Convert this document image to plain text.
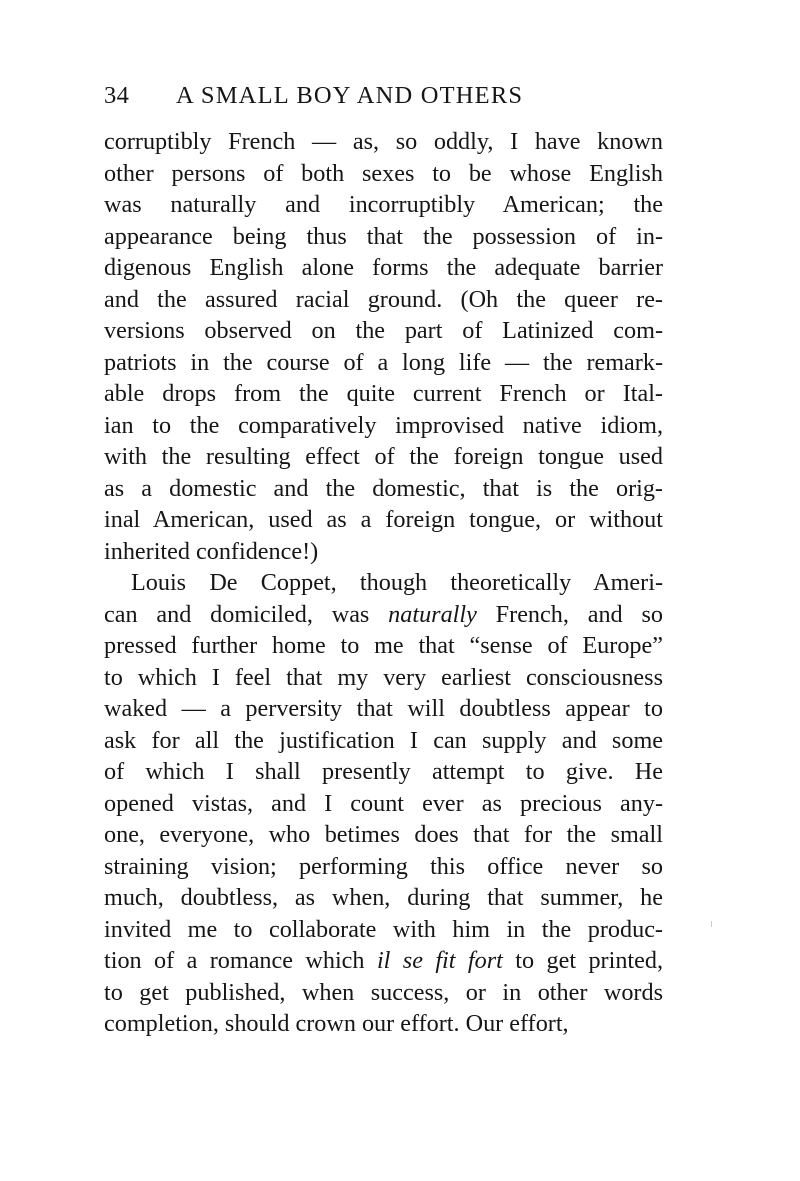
34 A SMALL BOY AND OTHERS
corruptibly French — as, so oddly, I have known
other persons of both sexes to be whose English
was naturally and incorruptibly American; the
appearance being thus that the possession of in-
digenous English alone forms the adequate barrier
and the assured racial ground. (Oh the queer re-
versions observed on the part of Latinized com-
patriots in the course of a long life — the remark-
able drops from the quite current French or Ital-
ian to the comparatively improvised native idiom,
with the resulting effect of the foreign tongue used
as a domestic and the domestic, that is the orig-
inal American, used as a foreign tongue, or without
inherited confidence!)
Louis De Coppet, though theoretically Ameri-
can and domiciled, was naturally French, and so
pressed further home to me that “sense of Europe”
to which I feel that my very earliest consciousness
waked — a perversity that will doubtless appear to
ask for all the justification I can supply and some
of which I shall presently attempt to give. He
opened vistas, and I count ever as precious any-
one, everyone, who betimes does that for the small
straining vision; performing this office never so
much, doubtless, as when, during that summer, he
invited me to collaborate with him in the produc-
tion of a romance which il se fit fort to get printed,
to get published, when success, or in other words
completion, should crown our effort. Our effort,
